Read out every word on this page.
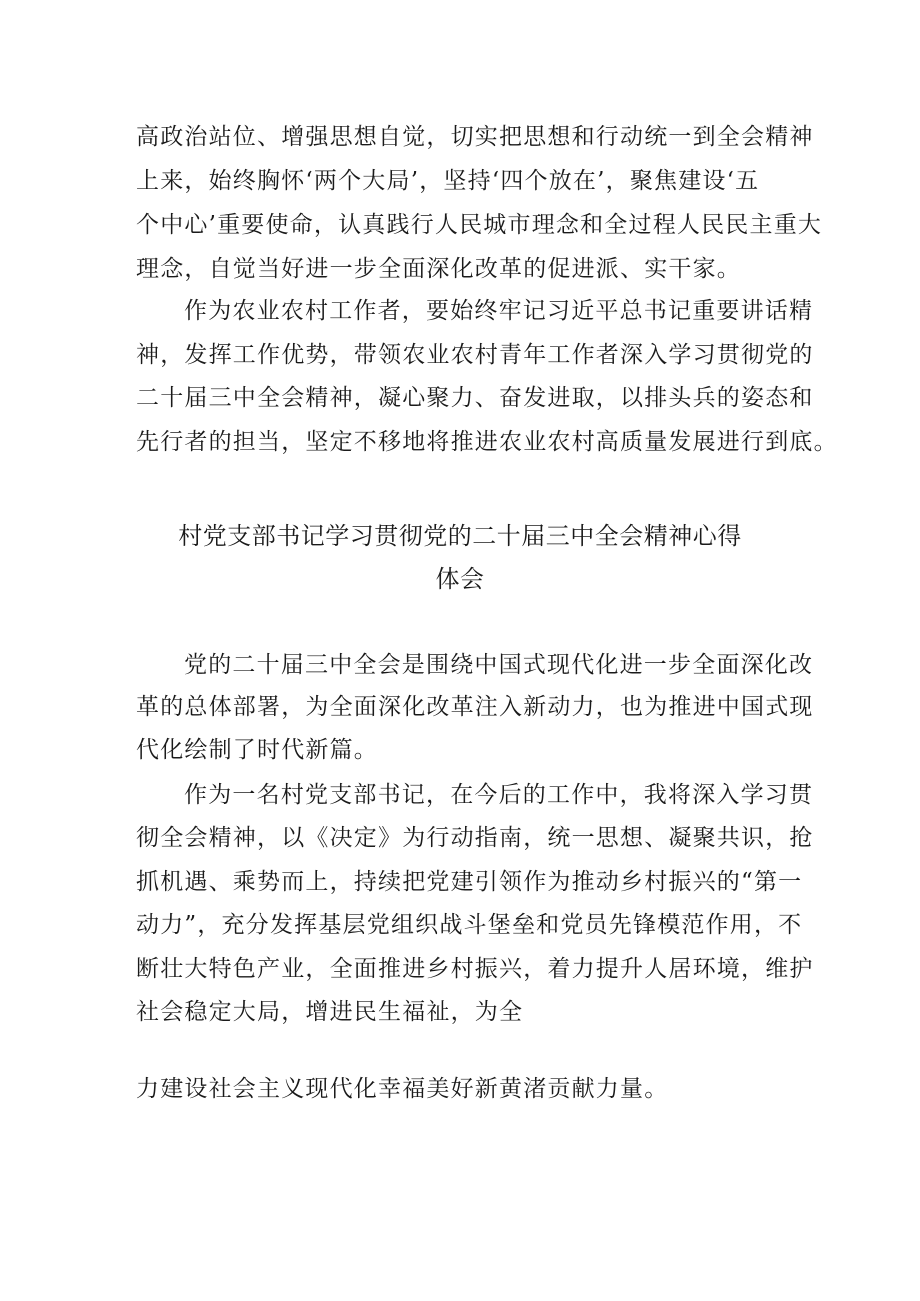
高政治站位、增强思想自觉，切实把思想和行动统一到全会精神
上来，始终胸怀‘两个大局’，坚持‘四个放在’，聚焦建设‘五
个中心’重要使命，认真践行人民城市理念和全过程人民民主重大
理念，自觉当好进一步全面深化改革的促进派、实干家。
作为农业农村工作者，要始终牢记习近平总书记重要讲话精
神，发挥工作优势，带领农业农村青年工作者深入学习贯彻党的
二十届三中全会精神，凝心聚力、奋发进取，以排头兵的姿态和
先行者的担当，坚定不移地将推进农业农村高质量发展进行到底。
村党支部书记学习贯彻党的二十届三中全会精神心得
体会
党的二十届三中全会是围绕中国式现代化进一步全面深化改
革的总体部署，为全面深化改革注入新动力，也为推进中国式现
代化绘制了时代新篇。
作为一名村党支部书记，在今后的工作中，我将深入学习贯
彻全会精神，以《决定》为行动指南，统一思想、凝聚共识，抢
抓机遇、乘势而上，持续把党建引领作为推动乡村振兴的“第一
动力”，充分发挥基层党组织战斗堡垒和党员先锋模范作用，不
断壮大特色产业，全面推进乡村振兴，着力提升人居环境，维护
社会稳定大局，增进民生福祉，为全
力建设社会主义现代化幸福美好新黄渚贡献力量。
